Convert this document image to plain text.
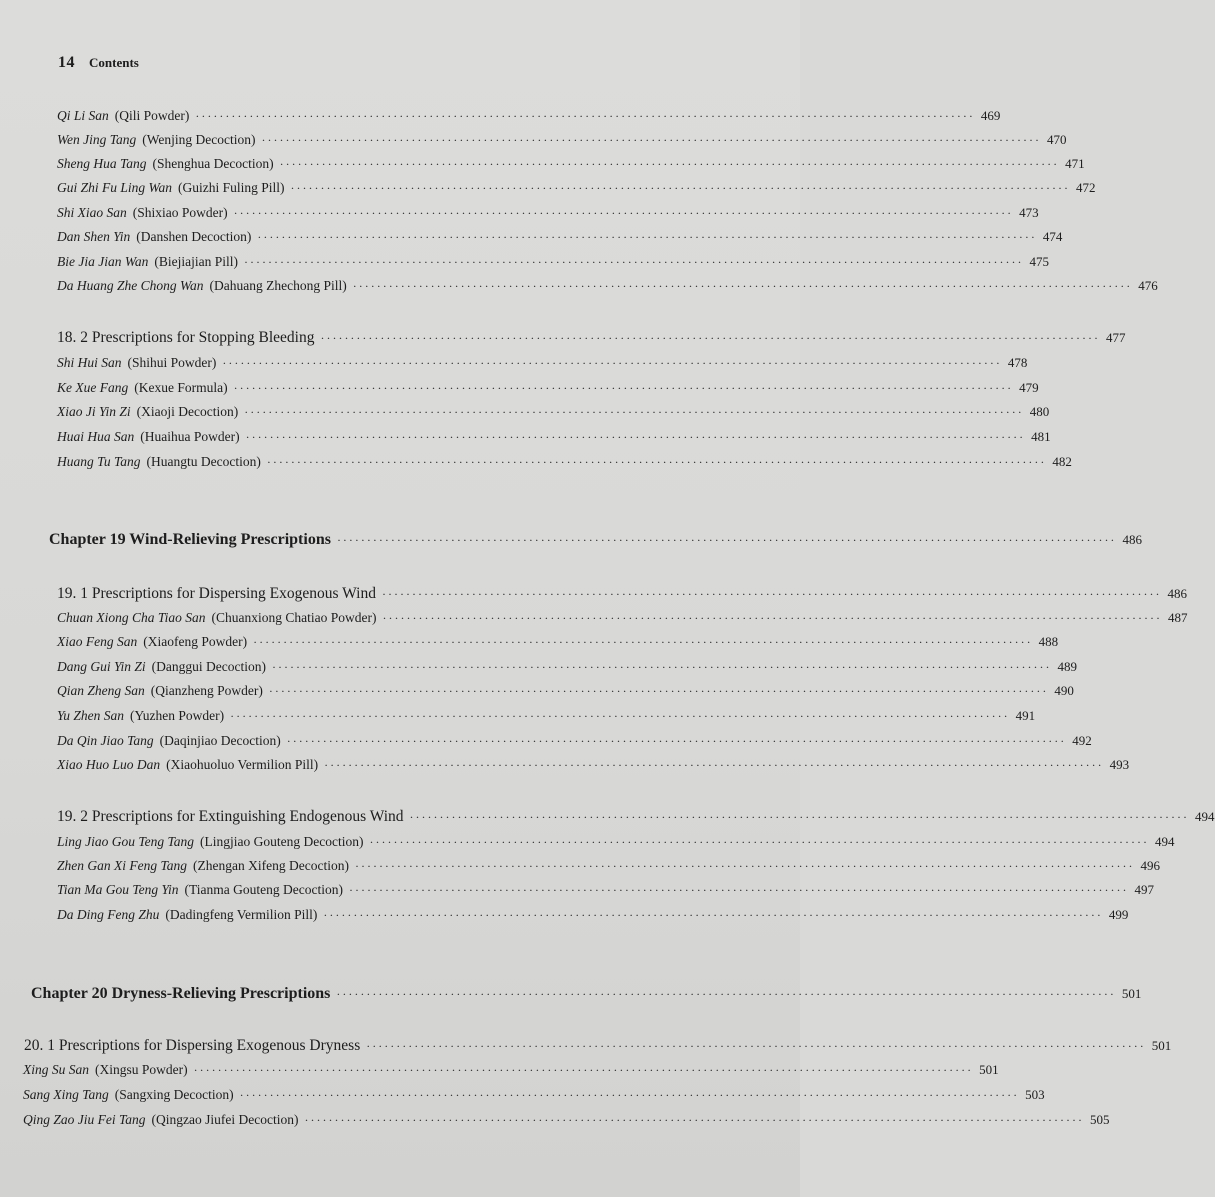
14 Contents
Qi Li San (Qili Powder) ·································································································································· 469
Wen Jing Tang (Wenjing Decoction) ·································································································································· 470
Sheng Hua Tang (Shenghua Decoction) ·································································································································· 471
Gui Zhi Fu Ling Wan (Guizhi Fuling Pill) ·································································································································· 472
Shi Xiao San (Shixiao Powder) ·································································································································· 473
Dan Shen Yin (Danshen Decoction) ·································································································································· 474
Bie Jia Jian Wan (Biejiajian Pill) ·································································································································· 475
Da Huang Zhe Chong Wan (Dahuang Zhechong Pill) ·································································································································· 476
18. 2 Prescriptions for Stopping Bleeding ·································································································································· 477
Shi Hui San (Shihui Powder) ·································································································································· 478
Ke Xue Fang (Kexue Formula) ·································································································································· 479
Xiao Ji Yin Zi (Xiaoji Decoction) ·································································································································· 480
Huai Hua San (Huaihua Powder) ·································································································································· 481
Huang Tu Tang (Huangtu Decoction) ·································································································································· 482
Chapter 19 Wind-Relieving Prescriptions ·································································································································· 486
19. 1 Prescriptions for Dispersing Exogenous Wind ·································································································································· 486
Chuan Xiong Cha Tiao San (Chuanxiong Chatiao Powder) ·································································································································· 487
Xiao Feng San (Xiaofeng Powder) ·································································································································· 488
Dang Gui Yin Zi (Danggui Decoction) ·································································································································· 489
Qian Zheng San (Qianzheng Powder) ·································································································································· 490
Yu Zhen San (Yuzhen Powder) ·································································································································· 491
Da Qin Jiao Tang (Daqinjiao Decoction) ·································································································································· 492
Xiao Huo Luo Dan (Xiaohuoluo Vermilion Pill) ·································································································································· 493
19. 2 Prescriptions for Extinguishing Endogenous Wind ·································································································································· 494
Ling Jiao Gou Teng Tang (Lingjiao Gouteng Decoction) ·································································································································· 494
Zhen Gan Xi Feng Tang (Zhengan Xifeng Decoction) ·································································································································· 496
Tian Ma Gou Teng Yin (Tianma Gouteng Decoction) ·································································································································· 497
Da Ding Feng Zhu (Dadingfeng Vermilion Pill) ·································································································································· 499
Chapter 20 Dryness-Relieving Prescriptions ·································································································································· 501
20. 1 Prescriptions for Dispersing Exogenous Dryness ·································································································································· 501
Xing Su San (Xingsu Powder) ·································································································································· 501
Sang Xing Tang (Sangxing Decoction) ·································································································································· 503
Qing Zao Jiu Fei Tang (Qingzao Jiufei Decoction) ·································································································································· 505
